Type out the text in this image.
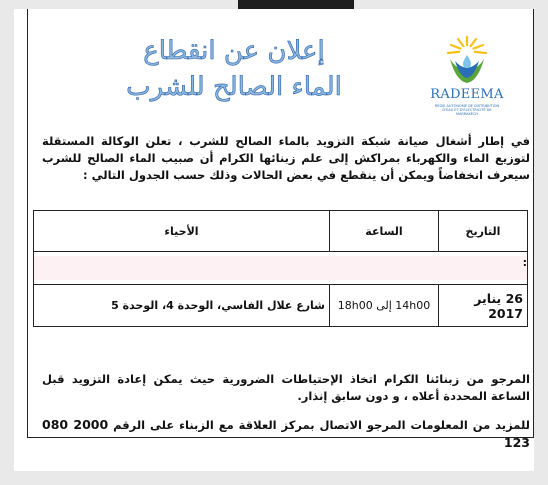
RADEEMA
RÉGIE AUTONOME DE DISTRIBUTION D'EAU ET D'ÉLECTRICITÉ DE MARRAKECH
إعلان عن انقطاع
الماء الصالح للشرب
في إطار أشغال صيانة شبكة التزويد بالماء الصالح للشرب ، تعلن الوكالة المستقلة لتوزيع الماء والكهرباء بمراكش إلى علم زبنائها الكرام أن صبيب الماء الصالح للشرب سيعرف انخفاضاً ويمكن أن ينقطع في بعض الحالات وذلك حسب الجدول التالي :
التاريخ	الساعة	الأحياء

:		

26 يناير 2017	14h00 إلى 18h00	شارع علال الفاسي، الوحدة 4، الوحدة 5
المرجو من زبنائنا الكرام اتخاذ الإحتياطات الضرورية حيث يمكن إعادة التزويد قبل الساعة المحددة أعلاه ، و دون سابق إنذار.
للمزيد من المعلومات المرجو الاتصال بمركز العلاقة مع الزبناء على الرقم 080 2000 123
